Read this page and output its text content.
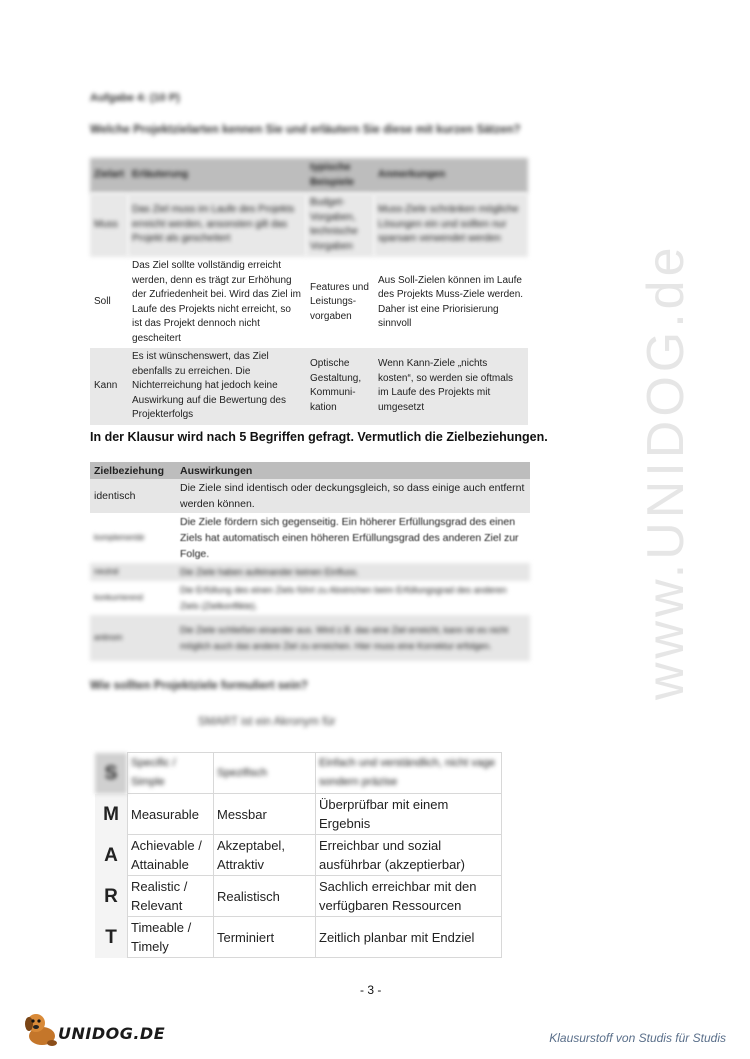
www.UNIDOG.de
Aufgabe 4: (10 P)
Welche Projektzielarten kennen Sie und erläutern Sie diese mit kurzen Sätzen?
Zielart	Erläuterung	typische Beispiele	Anmerkungen
Muss	Das Ziel muss im Laufe des Projekts erreicht werden, ansonsten gilt das Projekt als gescheitert	Budget-Vorgaben, technische Vorgaben	Muss-Ziele schränken mögliche Lösungen ein und sollten nur sparsam verwendet werden
Soll	Das Ziel sollte vollständig erreicht werden, denn es trägt zur Erhöhung der Zufriedenheit bei. Wird das Ziel im Laufe des Projekts nicht erreicht, so ist das Projekt dennoch nicht gescheitert	Features und Leistungs-vorgaben	Aus Soll-Zielen können im Laufe des Projekts Muss-Ziele werden. Daher ist eine Priorisierung sinnvoll
Kann	Es ist wünschenswert, das Ziel ebenfalls zu erreichen. Die Nichterreichung hat jedoch keine Auswirkung auf die Bewertung des Projekterfolgs	Optische Gestaltung, Kommuni-kation	Wenn Kann-Ziele „nichts kosten“, so werden sie oftmals im Laufe des Projekts mit umgesetzt
In der Klausur wird nach 5 Begriffen gefragt. Vermutlich die Zielbeziehungen.
Zielbeziehung	Auswirkungen
identisch	Die Ziele sind identisch oder deckungsgleich, so dass einige auch entfernt werden können.
komplementär	Die Ziele fördern sich gegenseitig. Ein höherer Erfüllungsgrad des einen Ziels hat automatisch einen höheren Erfüllungsgrad des anderen Ziel zur Folge.

neutral	Die Ziele haben aufeinander keinen Einfluss.
konkurrierend	Die Erfüllung des einen Ziels führt zu Abstrichen beim Erfüllungsgrad des anderen Ziels (Zielkonflikte).
antinom	Die Ziele schließen einander aus. Wird z.B. das eine Ziel erreicht, kann ist es nicht möglich auch das andere Ziel zu erreichen. Hier muss eine Korrektur erfolgen.
Wie sollten Projektziele formuliert sein?
SMART ist ein Akronym für
S	Specific / Simple	Spezifisch	Einfach und verständlich, nicht vage sondern präzise
M	Measurable	Messbar	Überprüfbar mit einem Ergebnis
A	Achievable / Attainable	Akzeptabel, Attraktiv	Erreichbar und sozial ausführbar (akzeptierbar)
R	Realistic / Relevant	Realistisch	Sachlich erreichbar mit den verfügbaren Ressourcen
T	Timeable / Timely	Terminiert	Zeitlich planbar mit Endziel
- 3 -
UNIDOG.DE	Klausurstoff von Studis für Studis
